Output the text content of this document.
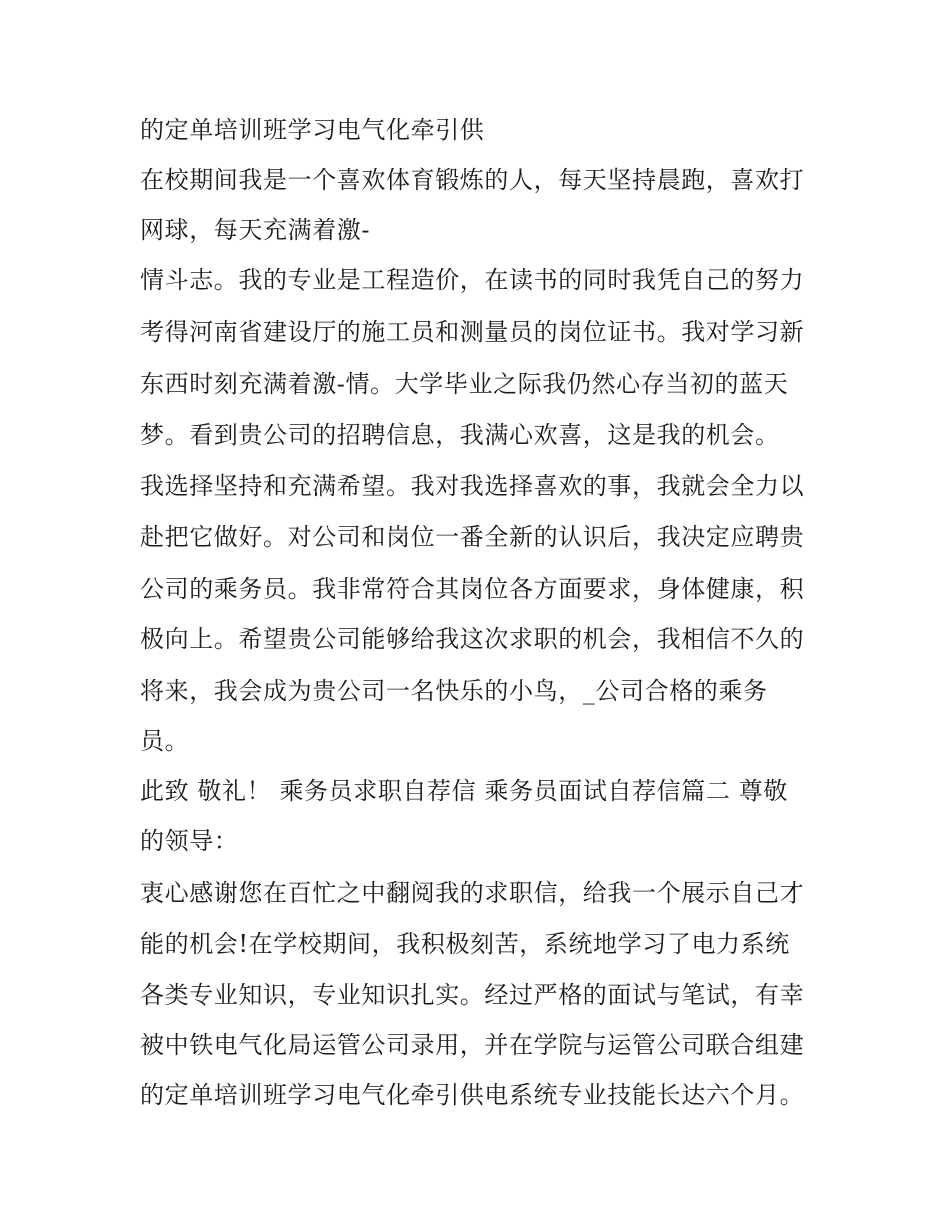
的定单培训班学习电气化牵引供
在校期间我是一个喜欢体育锻炼的人，每天坚持晨跑，喜欢打
网球，每天充满着激-
情斗志。我的专业是工程造价，在读书的同时我凭自己的努力
考得河南省建设厅的施工员和测量员的岗位证书。我对学习新
东西时刻充满着激-情。大学毕业之际我仍然心存当初的蓝天
梦。看到贵公司的招聘信息，我满心欢喜，这是我的机会。
我选择坚持和充满希望。我对我选择喜欢的事，我就会全力以
赴把它做好。对公司和岗位一番全新的认识后，我决定应聘贵
公司的乘务员。我非常符合其岗位各方面要求，身体健康，积
极向上。希望贵公司能够给我这次求职的机会，我相信不久的
将来，我会成为贵公司一名快乐的小鸟，_公司合格的乘务
员。
此致 敬礼！ 乘务员求职自荐信 乘务员面试自荐信篇二 尊敬
的领导：
衷心感谢您在百忙之中翻阅我的求职信，给我一个展示自己才
能的机会!在学校期间，我积极刻苦，系统地学习了电力系统
各类专业知识，专业知识扎实。经过严格的面试与笔试，有幸
被中铁电气化局运管公司录用，并在学院与运管公司联合组建
的定单培训班学习电气化牵引供电系统专业技能长达六个月。
